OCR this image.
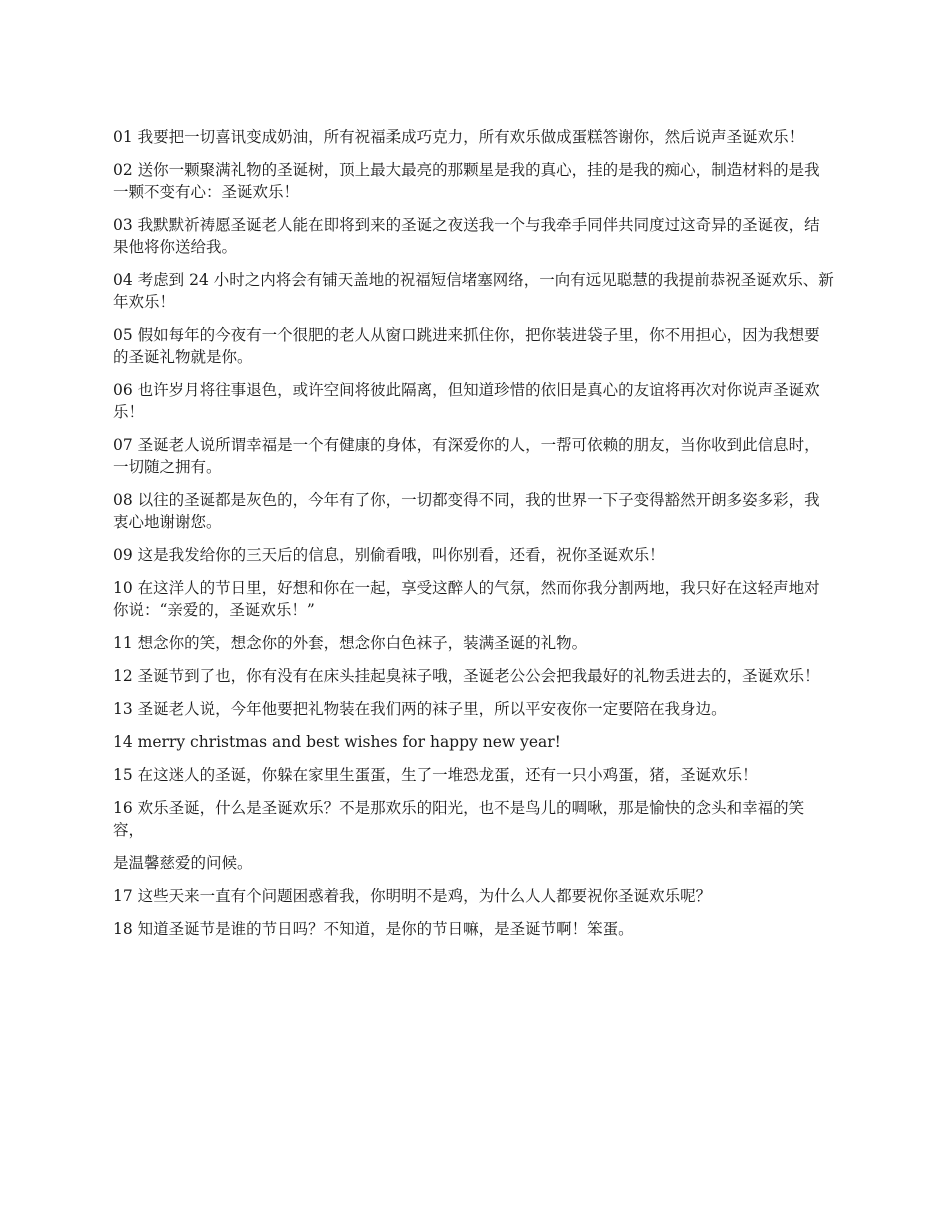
01 我要把一切喜讯变成奶油，所有祝福柔成巧克力，所有欢乐做成蛋糕答谢你，然后说声圣诞欢乐！

02 送你一颗聚满礼物的圣诞树，顶上最大最亮的那颗星是我的真心，挂的是我的痴心，制造材料的是我一颗不变有心：圣诞欢乐！

03 我默默祈祷愿圣诞老人能在即将到来的圣诞之夜送我一个与我牵手同伴共同度过这奇异的圣诞夜，结果他将你送给我。

04 考虑到 24 小时之内将会有铺天盖地的祝福短信堵塞网络，一向有远见聪慧的我提前恭祝圣诞欢乐、新年欢乐！

05 假如每年的今夜有一个很肥的老人从窗口跳进来抓住你，把你装进袋子里，你不用担心，因为我想要的圣诞礼物就是你。

06 也许岁月将往事退色，或许空间将彼此隔离，但知道珍惜的依旧是真心的友谊将再次对你说声圣诞欢乐！

07 圣诞老人说所谓幸福是一个有健康的身体，有深爱你的人，一帮可依赖的朋友，当你收到此信息时，一切随之拥有。

08 以往的圣诞都是灰色的，今年有了你，一切都变得不同，我的世界一下子变得豁然开朗多姿多彩，我衷心地谢谢您。

09 这是我发给你的三天后的信息，别偷看哦，叫你别看，还看，祝你圣诞欢乐！

10 在这洋人的节日里，好想和你在一起，享受这醉人的气氛，然而你我分割两地，我只好在这轻声地对你说：“亲爱的，圣诞欢乐！”

11 想念你的笑，想念你的外套，想念你白色袜子，装满圣诞的礼物。

12 圣诞节到了也，你有没有在床头挂起臭袜子哦，圣诞老公公会把我最好的礼物丢进去的，圣诞欢乐！

13 圣诞老人说，今年他要把礼物装在我们两的袜子里，所以平安夜你一定要陪在我身边。

14 merry christmas and best wishes for happy new year!

15 在这迷人的圣诞，你躲在家里生蛋蛋，生了一堆恐龙蛋，还有一只小鸡蛋，猪，圣诞欢乐！

16 欢乐圣诞，什么是圣诞欢乐？不是那欢乐的阳光，也不是鸟儿的啁啾，那是愉快的念头和幸福的笑容，

是温馨慈爱的问候。

17 这些天来一直有个问题困惑着我，你明明不是鸡，为什么人人都要祝你圣诞欢乐呢？

18 知道圣诞节是谁的节日吗？不知道，是你的节日嘛，是圣诞节啊！笨蛋。
